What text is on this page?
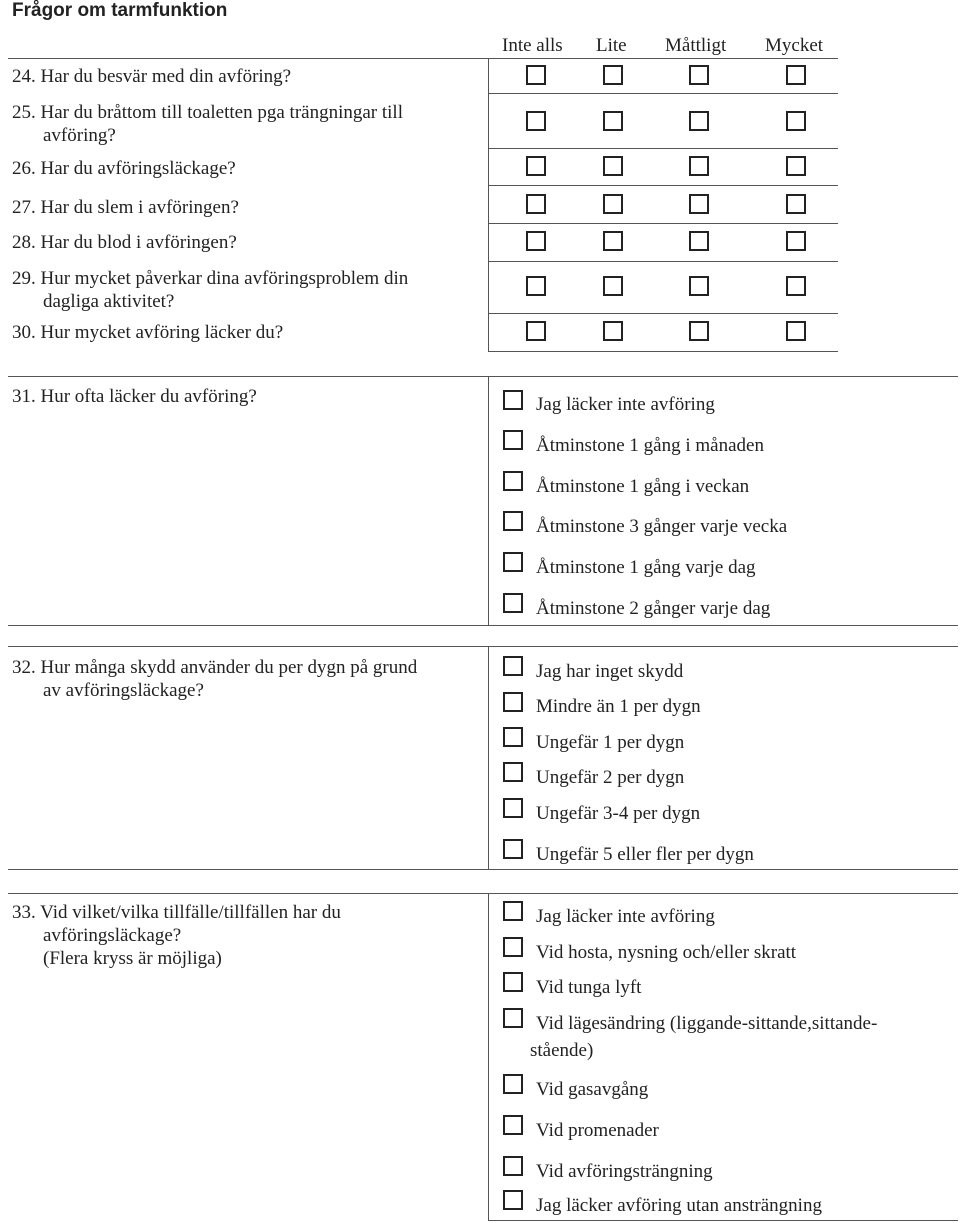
Frågor om tarmfunktion
Inte alls Lite Måttligt Mycket
24. Har du besvär med din avföring?
25. Har du bråttom till toaletten pga trängningar till
avföring?
26. Har du avföringsläckage?
27. Har du slem i avföringen?
28. Har du blod i avföringen?
29. Hur mycket påverkar dina avföringsproblem din
dagliga aktivitet?
30. Hur mycket avföring läcker du?
31. Hur ofta läcker du avföring?	Jag läcker inte avföring
Åtminstone 1 gång i månaden
Åtminstone 1 gång i veckan
Åtminstone 3 gånger varje vecka
Åtminstone 1 gång varje dag
Åtminstone 2 gånger varje dag
32. Hur många skydd använder du per dygn på grund
av avföringsläckage?
Jag har inget skydd
Mindre än 1 per dygn
Ungefär 1 per dygn
Ungefär 2 per dygn
Ungefär 3-4 per dygn
Ungefär 5 eller fler per dygn
33. Vid vilket/vilka tillfälle/tillfällen har du
avföringsläckage?
(Flera kryss är möjliga)
Jag läcker inte avföring
Vid hosta, nysning och/eller skratt
Vid tunga lyft
Vid lägesändring (liggande-sittande,sittande-
stående)
Vid gasavgång
Vid promenader
Vid avföringsträngning
Jag läcker avföring utan ansträngning
